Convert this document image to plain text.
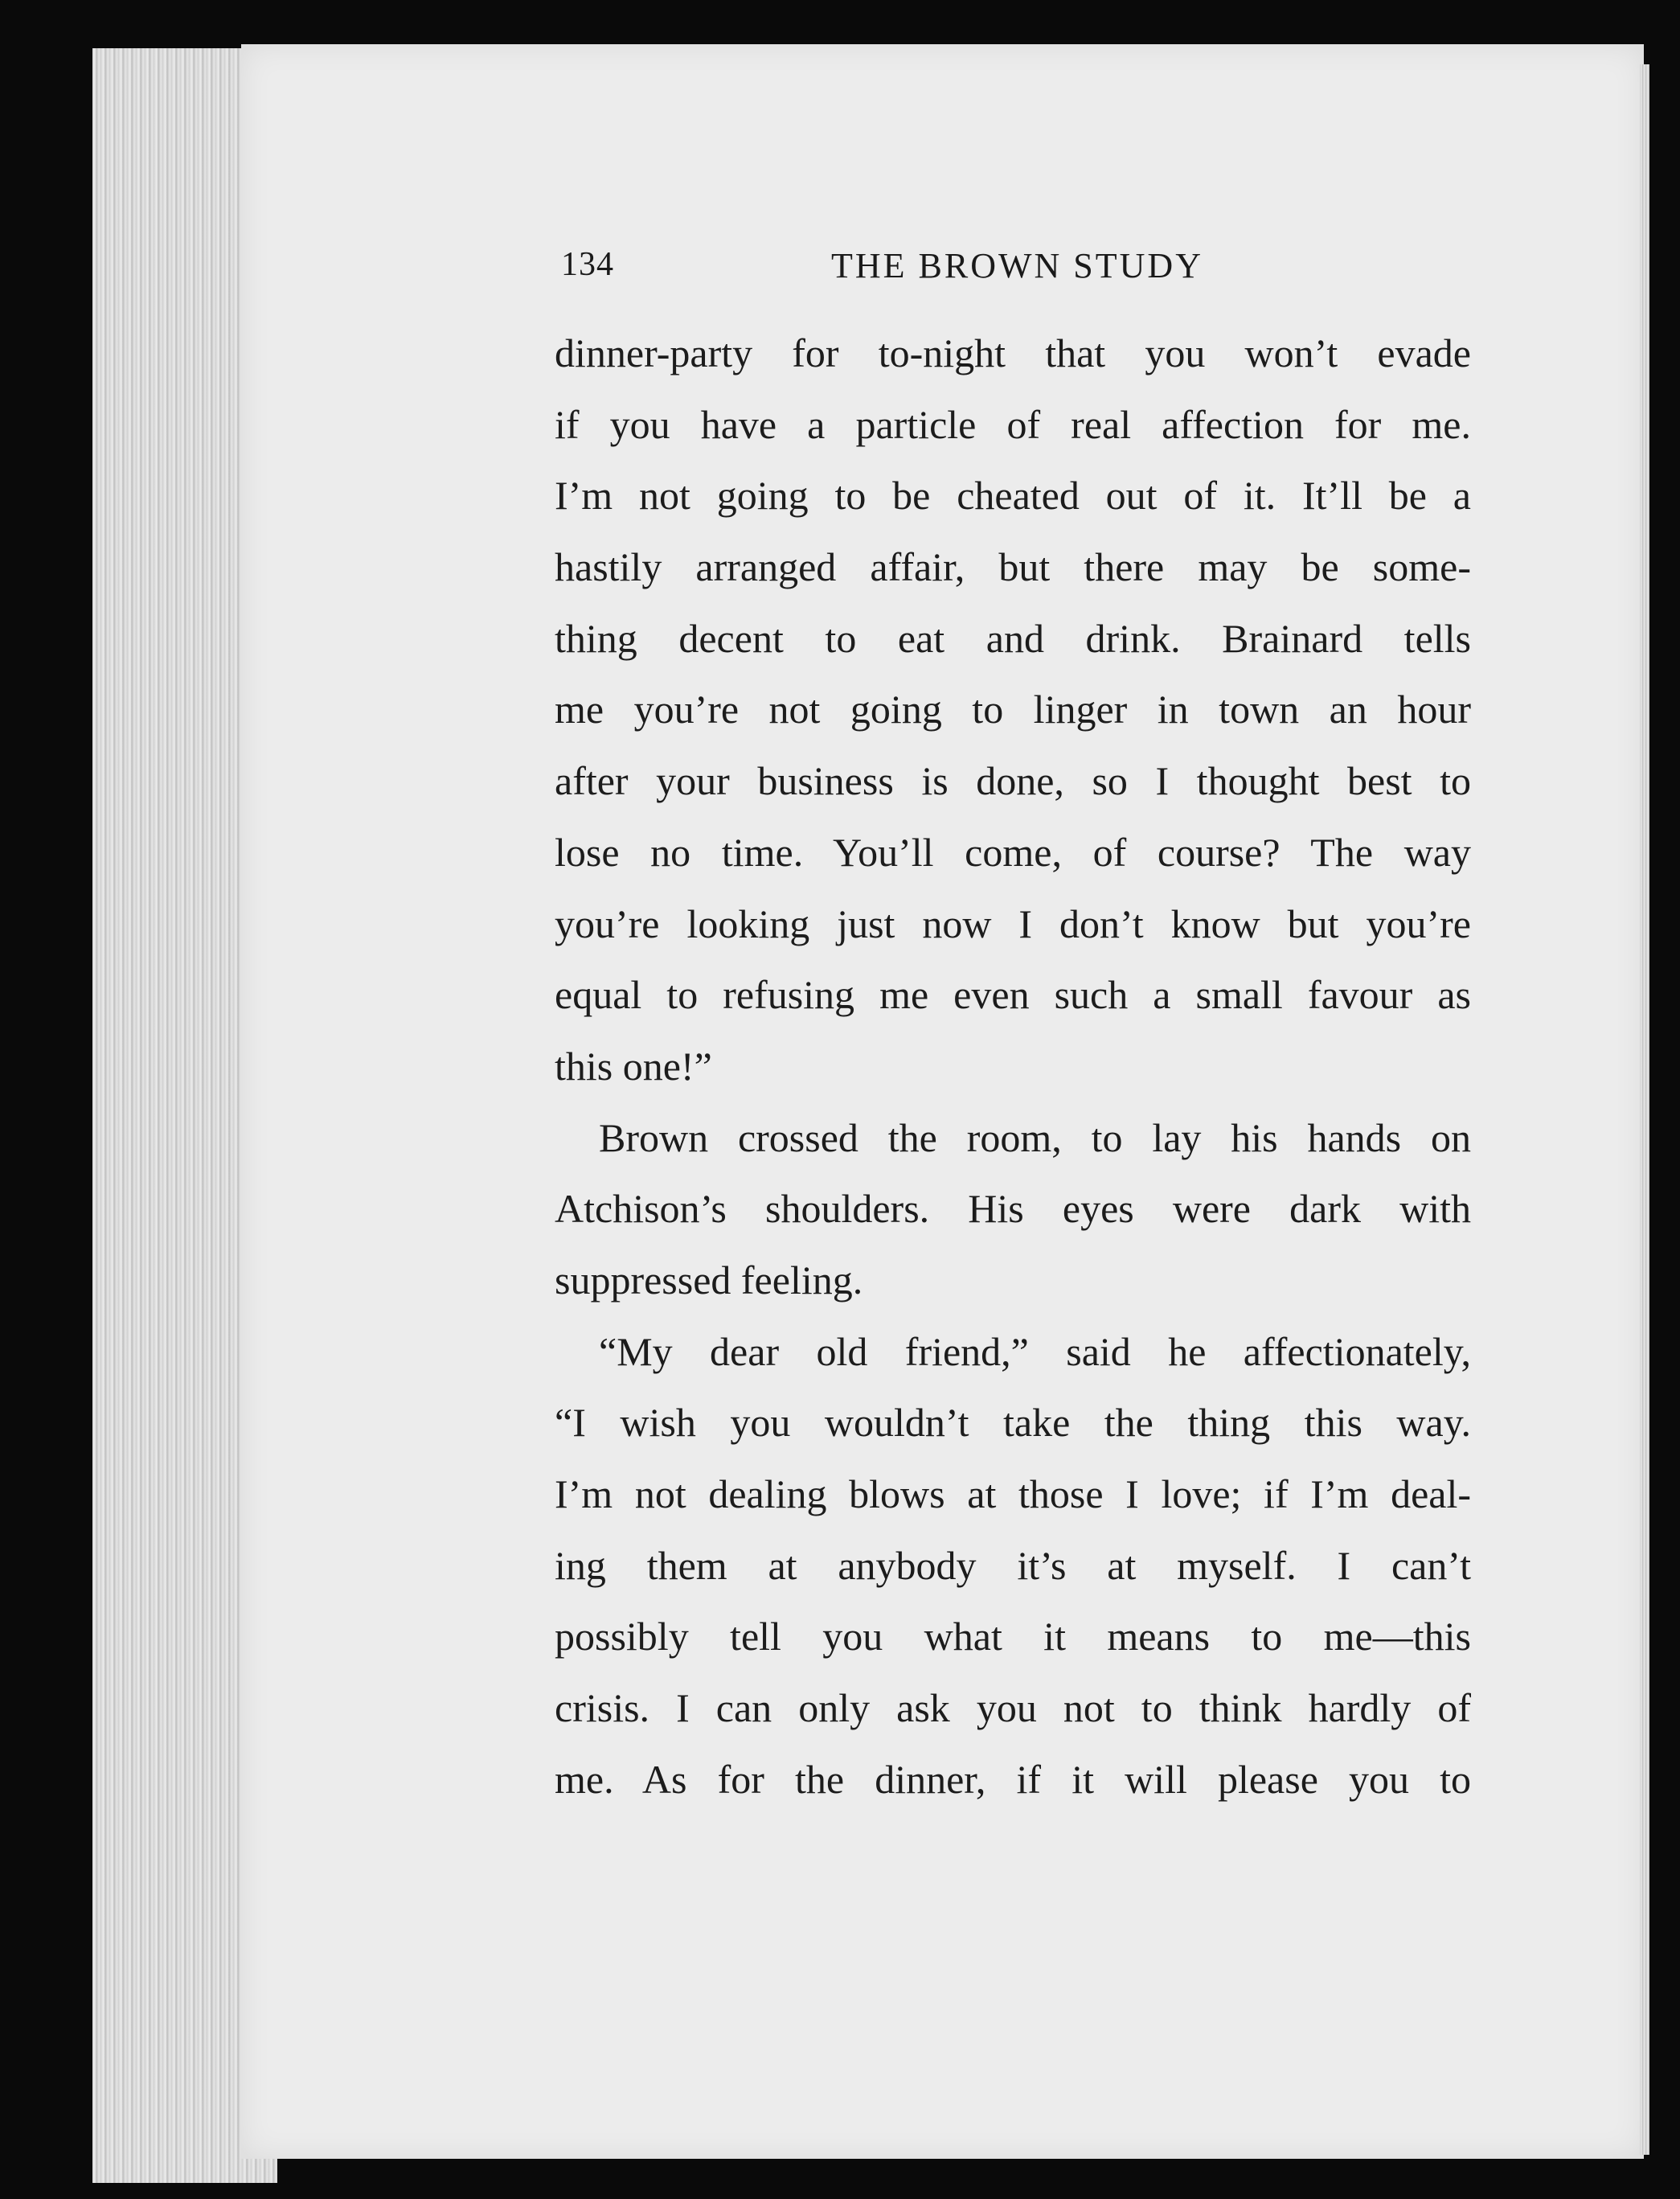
134	THE BROWN STUDY
dinner-party for to-night that you won’t evade
if you have a particle of real affection for me.
I’m not going to be cheated out of it. It’ll be a
hastily arranged affair, but there may be some-
thing decent to eat and drink. Brainard tells
me you’re not going to linger in town an hour
after your business is done, so I thought best to
lose no time. You’ll come, of course? The way
you’re looking just now I don’t know but you’re
equal to refusing me even such a small favour as
this one!”
Brown crossed the room, to lay his hands on
Atchison’s shoulders. His eyes were dark with
suppressed feeling.
“My dear old friend,” said he affectionately,
“I wish you wouldn’t take the thing this way.
I’m not dealing blows at those I love; if I’m deal-
ing them at anybody it’s at myself. I can’t
possibly tell you what it means to me—this
crisis. I can only ask you not to think hardly of
me. As for the dinner, if it will please you to
